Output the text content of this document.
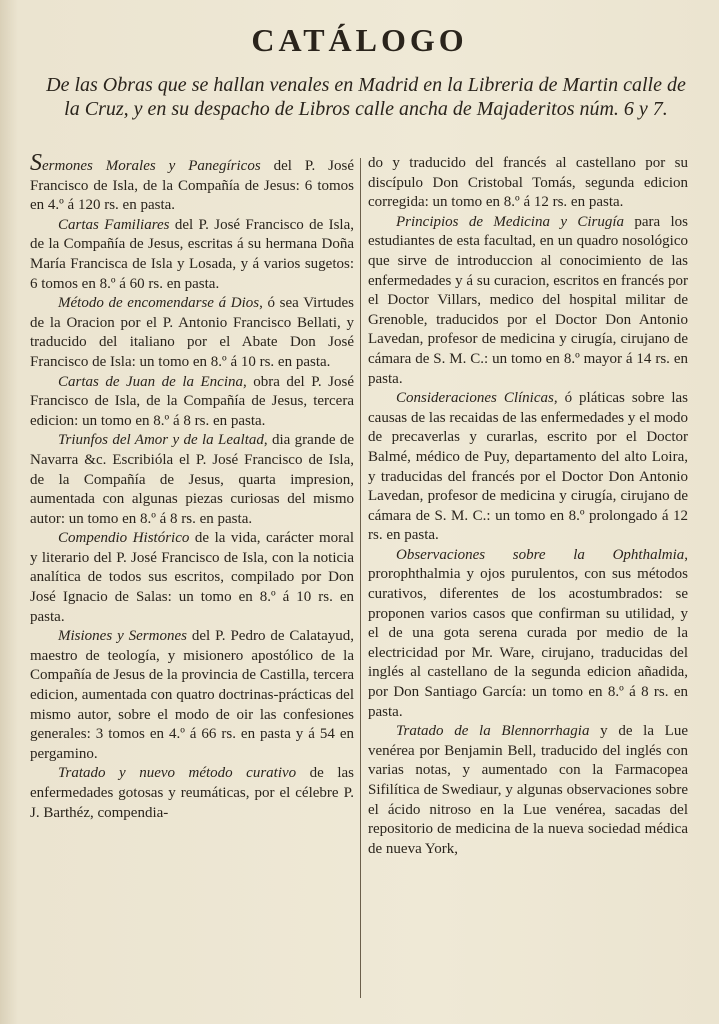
CATÁLOGO
De las Obras que se hallan venales en Madrid en la Libreria de Martin calle de la Cruz, y en su despacho de Libros calle ancha de Majaderitos núm. 6 y 7.

Sermones Morales y Panegíricos del P. José Francisco de Isla, de la Compañía de Jesus: 6 tomos en 4.º á 120 rs. en pasta.

Cartas Familiares del P. José Francisco de Isla, de la Compañía de Jesus, escritas á su hermana Doña María Francisca de Isla y Losada, y á varios sugetos: 6 tomos en 8.º á 60 rs. en pasta.

Método de encomendarse á Dios, ó sea Virtudes de la Oracion por el P. Antonio Francisco Bellati, y traducido del italiano por el Abate Don José Francisco de Isla: un tomo en 8.º á 10 rs. en pasta.

Cartas de Juan de la Encina, obra del P. José Francisco de Isla, de la Compañía de Jesus, tercera edicion: un tomo en 8.º á 8 rs. en pasta.

Triunfos del Amor y de la Lealtad, dia grande de Navarra &c. Escribióla el P. José Francisco de Isla, de la Compañía de Jesus, quarta impresion, aumentada con algunas piezas curiosas del mismo autor: un tomo en 8.º á 8 rs. en pasta.

Compendio Histórico de la vida, carácter moral y literario del P. José Francisco de Isla, con la noticia analítica de todos sus escritos, compilado por Don José Ignacio de Salas: un tomo en 8.º á 10 rs. en pasta.

Misiones y Sermones del P. Pedro de Calatayud, maestro de teología, y misionero apostólico de la Compañía de Jesus de la provincia de Castilla, tercera edicion, aumentada con quatro doctrinas-prácticas del mismo autor, sobre el modo de oir las confesiones generales: 3 tomos en 4.º á 66 rs. en pasta y á 54 en pergamino.

Tratado y nuevo método curativo de las enfermedades gotosas y reumáticas, por el célebre P. J. Barthéz, compendia-

do y traducido del francés al castellano por su discípulo Don Cristobal Tomás, segunda edicion corregida: un tomo en 8.º á 12 rs. en pasta.

Principios de Medicina y Cirugía para los estudiantes de esta facultad, en un quadro nosológico que sirve de introduccion al conocimiento de las enfermedades y á su curacion, escritos en francés por el Doctor Villars, medico del hospital militar de Grenoble, traducidos por el Doctor Don Antonio Lavedan, profesor de medicina y cirugía, cirujano de cámara de S. M. C.: un tomo en 8.º mayor á 14 rs. en pasta.

Consideraciones Clínicas, ó pláticas sobre las causas de las recaidas de las enfermedades y el modo de precaverlas y curarlas, escrito por el Doctor Balmé, médico de Puy, departamento del alto Loira, y traducidas del francés por el Doctor Don Antonio Lavedan, profesor de medicina y cirugía, cirujano de cámara de S. M. C.: un tomo en 8.º prolongado á 12 rs. en pasta.

Observaciones sobre la Ophthalmia, prorophthalmia y ojos purulentos, con sus métodos curativos, diferentes de los acostumbrados: se proponen varios casos que confirman su utilidad, y el de una gota serena curada por medio de la electricidad por Mr. Ware, cirujano, traducidas del inglés al castellano de la segunda edicion añadida, por Don Santiago García: un tomo en 8.º á 8 rs. en pasta.

Tratado de la Blennorrhagia y de la Lue venérea por Benjamin Bell, traducido del inglés con varias notas, y aumentado con la Farmacopea Sifilítica de Swediaur, y algunas observaciones sobre el ácido nitroso en la Lue venérea, sacadas del repositorio de medicina de la nueva sociedad médica de nueva York,
